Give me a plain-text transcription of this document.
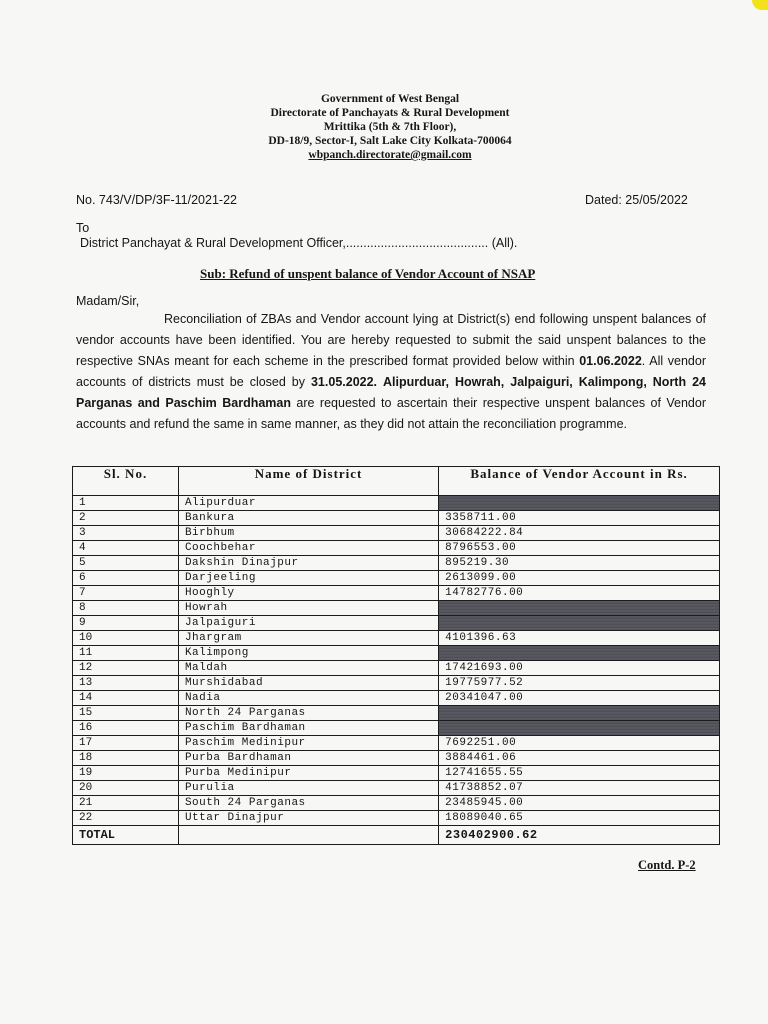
Government of West Bengal
Directorate of Panchayats & Rural Development
Mrittika (5th & 7th Floor),
DD-18/9, Sector-I, Salt Lake City Kolkata-700064
wbpanch.directorate@gmail.com
No. 743/V/DP/3F-11/2021-22	Dated: 25/05/2022
To
District Panchayat & Rural Development Officer,......................................... (All).
Sub: Refund of unspent balance of Vendor Account of NSAP
Madam/Sir,
Reconciliation of ZBAs and Vendor account lying at District(s) end following unspent balances of vendor accounts have been identified. You are hereby requested to submit the said unspent balances to the respective SNAs meant for each scheme in the prescribed format provided below within 01.06.2022. All vendor accounts of districts must be closed by 31.05.2022. Alipurduar, Howrah, Jalpaiguri, Kalimpong, North 24 Parganas and Paschim Bardhaman are requested to ascertain their respective unspent balances of Vendor accounts and refund the same in same manner, as they did not attain the reconciliation programme.
Sl. No.	Name of District	Balance of Vendor Account in Rs.
1	Alipurduar	
2	Bankura	3358711.00
3	Birbhum	30684222.84
4	Coochbehar	8796553.00
5	Dakshin Dinajpur	895219.30
6	Darjeeling	2613099.00
7	Hooghly	14782776.00
8	Howrah	
9	Jalpaiguri	
10	Jhargram	4101396.63
11	Kalimpong	
12	Maldah	17421693.00
13	Murshidabad	19775977.52
14	Nadia	20341047.00
15	North 24 Parganas	
16	Paschim Bardhaman	
17	Paschim Medinipur	7692251.00
18	Purba Bardhaman	3884461.06
19	Purba Medinipur	12741655.55
20	Purulia	41738852.07
21	South 24 Parganas	23485945.00
22	Uttar Dinajpur	18089040.65
TOTAL		230402900.62
Contd. P-2
